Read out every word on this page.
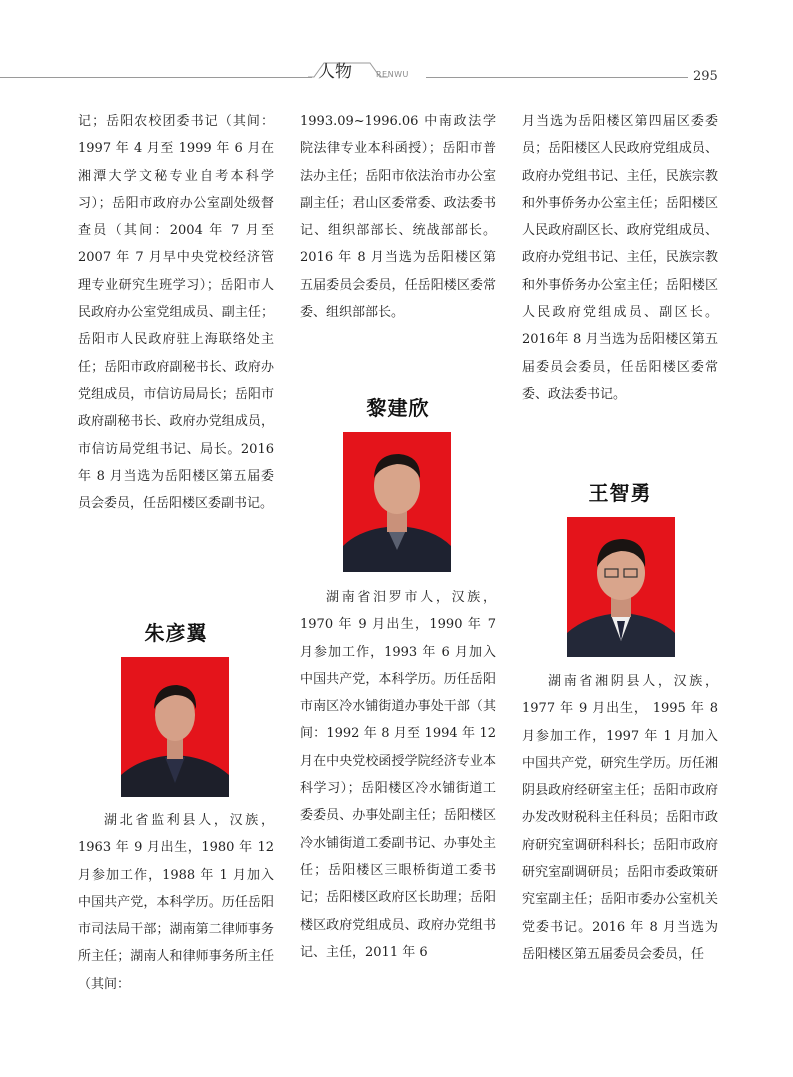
人物	RENWU	295

记；岳阳农校团委书记（其间：1997 年 4 月至 1999 年 6 月在湘潭大学文秘专业自考本科学习）；岳阳市政府办公室副处级督查员（其间：2004 年 7 月至 2007 年 7 月早中央党校经济管理专业研究生班学习）；岳阳市人民政府办公室党组成员、副主任；岳阳市人民政府驻上海联络处主任；岳阳市政府副秘书长、政府办党组成员，市信访局局长；岳阳市政府副秘书长、政府办党组成员，市信访局党组书记、局长。2016年 8 月当选为岳阳楼区第五届委员会委员，任岳阳楼区委副书记。

朱彦翼

湖北省监利县人，汉族，1963 年 9 月出生，1980 年 12 月参加工作，1988 年 1 月加入中国共产党，本科学历。历任岳阳市司法局干部；湖南第二律师事务所主任；湖南人和律师事务所主任（其间：

1993.09~1996.06 中南政法学院法律专业本科函授）；岳阳市普法办主任；岳阳市依法治市办公室副主任；君山区委常委、政法委书记、组织部部长、统战部部长。2016 年 8 月当选为岳阳楼区第五届委员会委员，任岳阳楼区委常委、组织部部长。

黎建欣

湖南省汨罗市人，汉族，1970 年 9 月出生，1990 年 7 月参加工作，1993 年 6 月加入中国共产党，本科学历。历任岳阳市南区冷水铺街道办事处干部（其间：1992 年 8 月至 1994 年 12 月在中央党校函授学院经济专业本科学习）；岳阳楼区冷水铺街道工委委员、办事处副主任；岳阳楼区冷水铺街道工委副书记、办事处主任；岳阳楼区三眼桥街道工委书记；岳阳楼区政府区长助理；岳阳楼区政府党组成员、政府办党组书记、主任，2011 年 6

月当选为岳阳楼区第四届区委委员；岳阳楼区人民政府党组成员、政府办党组书记、主任，民族宗教和外事侨务办公室主任；岳阳楼区人民政府副区长、政府党组成员、政府办党组书记、主任，民族宗教和外事侨务办公室主任；岳阳楼区人民政府党组成员、副区长。2016年 8 月当选为岳阳楼区第五届委员会委员，任岳阳楼区委常委、政法委书记。

王智勇

湖南省湘阴县人，汉族，1977 年 9 月出生， 1995 年 8 月参加工作，1997 年 1 月加入中国共产党，研究生学历。历任湘阴县政府经研室主任；岳阳市政府办发改财税科主任科员；岳阳市政府研究室调研科科长；岳阳市政府研究室副调研员；岳阳市委政策研究室副主任；岳阳市委办公室机关党委书记。2016 年 8 月当选为岳阳楼区第五届委员会委员，任
